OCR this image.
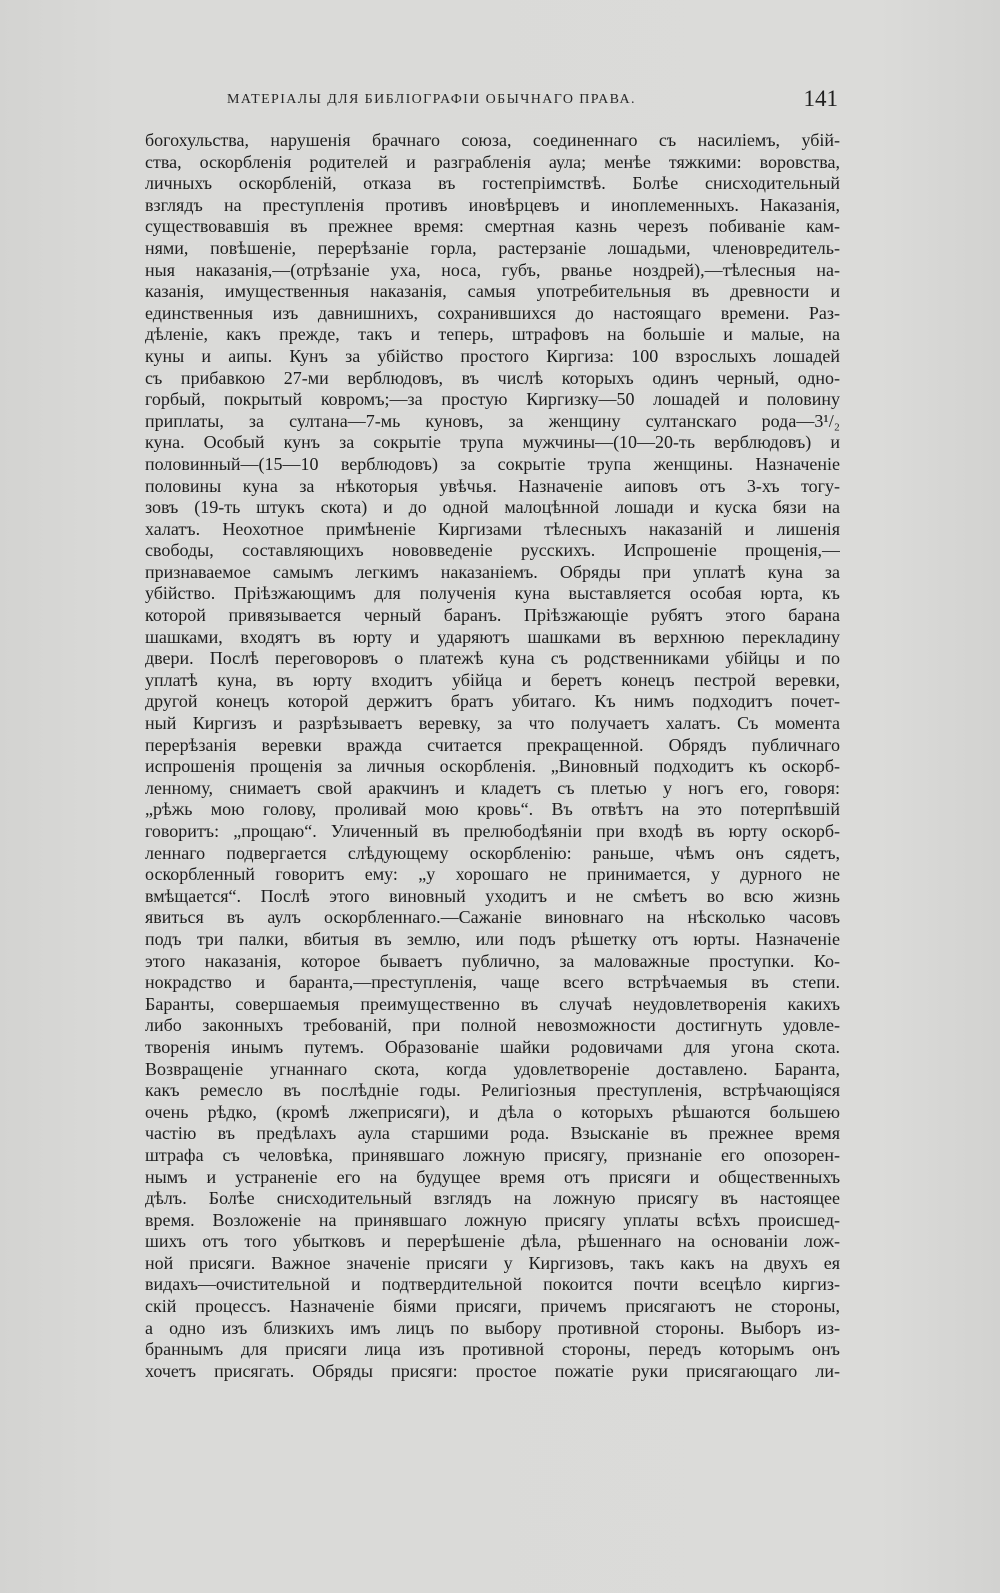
МАТЕРІАЛЫ ДЛЯ БИБЛІОГРАФІИ ОБЫЧНАГО ПРАВА.	141
богохульства, нарушенія брачнаго союза, соединеннаго съ насиліемъ, убій-
ства, оскорбленія родителей и разграбленія аула; менѣе тяжкими: воровства,
личныхъ оскорбленій, отказа въ гостепріимствѣ. Болѣе снисходительный
взглядъ на преступленія противъ иновѣрцевъ и иноплеменныхъ. Наказанія,
существовавшія въ прежнее время: смертная казнь черезъ побиваніе кам-
нями, повѣшеніе, перерѣзаніе горла, растерзаніе лошадьми, членовредитель-
ныя наказанія,—(отрѣзаніе уха, носа, губъ, рванье ноздрей),—тѣлесныя на-
казанія, имущественныя наказанія, самыя употребительныя въ древности и
единственныя изъ давнишнихъ, сохранившихся до настоящаго времени. Раз-
дѣленіе, какъ прежде, такъ и теперь, штрафовъ на большіе и малые, на
куны и аипы. Кунъ за убійство простого Киргиза: 100 взрослыхъ лошадей
съ прибавкою 27-ми верблюдовъ, въ числѣ которыхъ одинъ черный, одно-
горбый, покрытый ковромъ;—за простую Киргизку—50 лошадей и половину
приплаты, за султана—7-мь куновъ, за женщину султанскаго рода—3¹/₂
куна. Особый кунъ за сокрытіе трупа мужчины—(10—20-ть верблюдовъ) и
половинный—(15—10 верблюдовъ) за сокрытіе трупа женщины. Назначеніе
половины куна за нѣкоторыя увѣчья. Назначеніе аиповъ отъ 3-хъ тогу-
зовъ (19-ть штукъ скота) и до одной малоцѣнной лошади и куска бязи на
халатъ. Неохотное примѣненіе Киргизами тѣлесныхъ наказаній и лишенія
свободы, составляющихъ нововведеніе русскихъ. Испрошеніе прощенія,—
признаваемое самымъ легкимъ наказаніемъ. Обряды при уплатѣ куна за
убійство. Пріѣзжающимъ для полученія куна выставляется особая юрта, къ
которой привязывается черный баранъ. Пріѣзжающіе рубятъ этого барана
шашками, входятъ въ юрту и ударяютъ шашками въ верхнюю перекладину
двери. Послѣ переговоровъ о платежѣ куна съ родственниками убійцы и по
уплатѣ куна, въ юрту входитъ убійца и беретъ конецъ пестрой веревки,
другой конецъ которой держитъ братъ убитаго. Къ нимъ подходитъ почет-
ный Киргизъ и разрѣзываетъ веревку, за что получаетъ халатъ. Съ момента
перерѣзанія веревки вражда считается прекращенной. Обрядъ публичнаго
испрошенія прощенія за личныя оскорбленія. „Виновный подходитъ къ оскорб-
ленному, снимаетъ свой аракчинъ и кладетъ съ плетью у ногъ его, говоря:
„рѣжь мою голову, проливай мою кровь“. Въ отвѣтъ на это потерпѣвшій
говоритъ: „прощаю“. Уличенный въ прелюбодѣяніи при входѣ въ юрту оскорб-
леннаго подвергается слѣдующему оскорбленію: раньше, чѣмъ онъ сядетъ,
оскорбленный говоритъ ему: „у хорошаго не принимается, у дурного не
вмѣщается“. Послѣ этого виновный уходитъ и не смѣетъ во всю жизнь
явиться въ аулъ оскорбленнаго.—Сажаніе виновнаго на нѣсколько часовъ
подъ три палки, вбитыя въ землю, или подъ рѣшетку отъ юрты. Назначеніе
этого наказанія, которое бываетъ публично, за маловажные проступки. Ко-
нокрадство и баранта,—преступленія, чаще всего встрѣчаемыя въ степи.
Баранты, совершаемыя преимущественно въ случаѣ неудовлетворенія какихъ
либо законныхъ требованій, при полной невозможности достигнуть удовле-
творенія инымъ путемъ. Образованіе шайки родовичами для угона скота.
Возвращеніе угнаннаго скота, когда удовлетвореніе доставлено. Баранта,
какъ ремесло въ послѣдніе годы. Религіозныя преступленія, встрѣчающіяся
очень рѣдко, (кромѣ лжеприсяги), и дѣла о которыхъ рѣшаются большею
частію въ предѣлахъ аула старшими рода. Взысканіе въ прежнее время
штрафа съ человѣка, принявшаго ложную присягу, признаніе его опозорен-
нымъ и устраненіе его на будущее время отъ присяги и общественныхъ
дѣлъ. Болѣе снисходительный взглядъ на ложную присягу въ настоящее
время. Возложеніе на принявшаго ложную присягу уплаты всѣхъ происшед-
шихъ отъ того убытковъ и перерѣшеніе дѣла, рѣшеннаго на основаніи лож-
ной присяги. Важное значеніе присяги у Киргизовъ, такъ какъ на двухъ ея
видахъ—очистительной и подтвердительной покоится почти всецѣло киргиз-
скій процессъ. Назначеніе біями присяги, причемъ присягаютъ не стороны,
а одно изъ близкихъ имъ лицъ по выбору противной стороны. Выборъ из-
браннымъ для присяги лица изъ противной стороны, передъ которымъ онъ
хочетъ присягать. Обряды присяги: простое пожатіе руки присягающаго ли-
